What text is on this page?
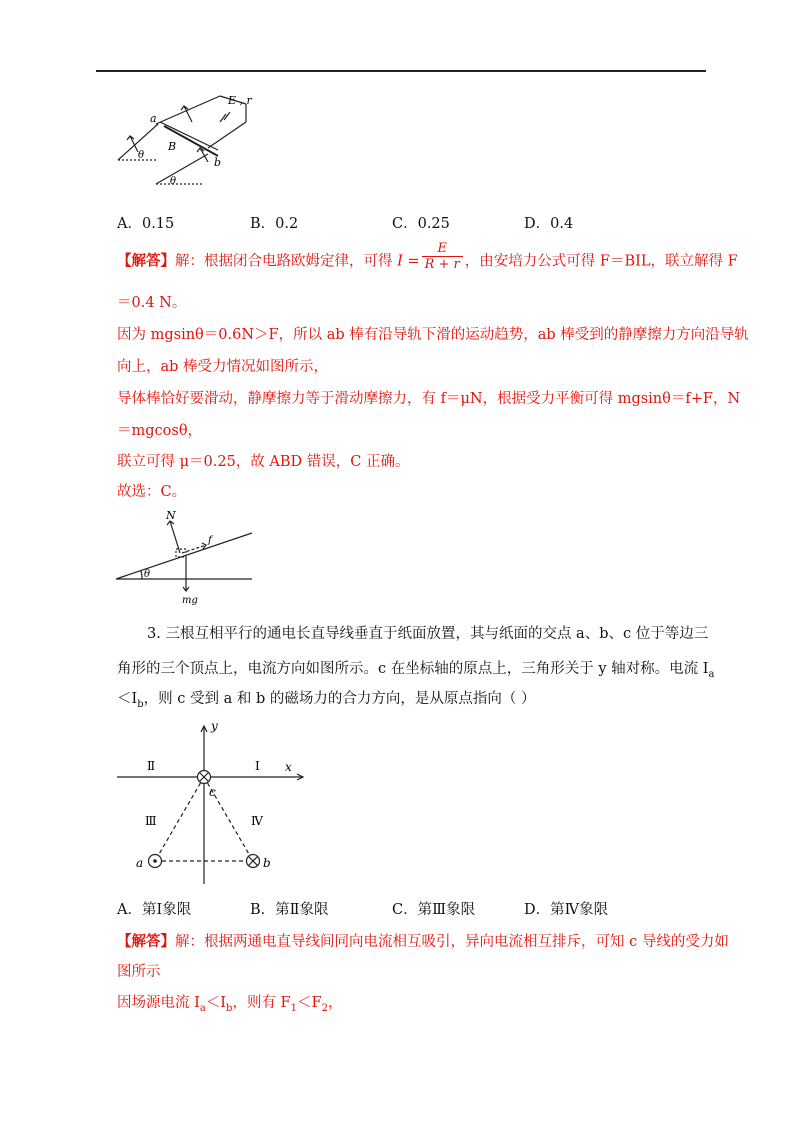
E , r
a
b
B
θ
θ
A．0.15	B．0.2	C．0.25	D．0.4
【解答】解：根据闭合电路欧姆定律，可得 $I = \frac{E}{R + r}$ ，由安培力公式可得 F＝BIL，联立解得 F
＝0.4 N。
因为 mgsinθ＝0.6N＞F，所以 ab 棒有沿导轨下滑的运动趋势，ab 棒受到的静摩擦力方向沿导轨
向上，ab 棒受力情况如图所示，
导体棒恰好要滑动，静摩擦力等于滑动摩擦力，有 f＝μN，根据受力平衡可得 mgsinθ＝f+F，N
＝mgcosθ，
联立可得 μ＝0.25，故 ABD 错误，C 正确。
故选：C。
N
f
mg
θ
3. 三根互相平行的通电长直导线垂直于纸面放置，其与纸面的交点 a、b、c 位于等边三
角形的三个顶点上，电流方向如图所示。c 在坐标轴的原点上，三角形关于 y 轴对称。电流 $I_a$
$<I_b$，则 c 受到 a 和 b 的磁场力的合力方向，是从原点指向（ ）
y
x
Ⅱ	I
Ⅲ	Ⅳ
c
a	b
A．第Ⅰ象限	B．第Ⅱ象限	C．第Ⅲ象限	D．第Ⅳ象限
【解答】解：根据两通电直导线间同向电流相互吸引，异向电流相互排斥，可知 c 导线的受力如
图所示
因场源电流 $I_a<I_b$，则有 $F_1<F_2$，
